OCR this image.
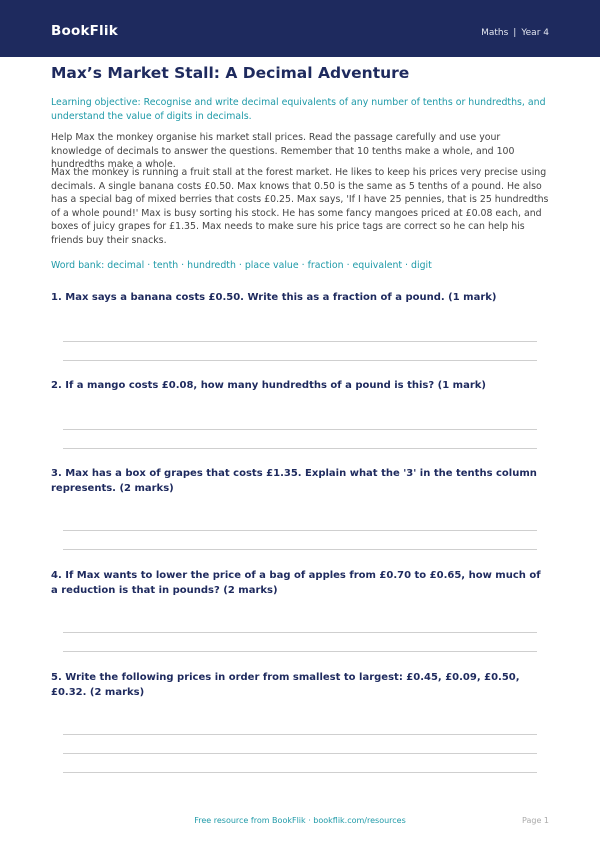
BookFlik	Maths | Year 4
Max’s Market Stall: A Decimal Adventure
Learning objective: Recognise and write decimal equivalents of any number of tenths or hundredths, and understand the value of digits in decimals.
Help Max the monkey organise his market stall prices. Read the passage carefully and use your knowledge of decimals to answer the questions. Remember that 10 tenths make a whole, and 100 hundredths make a whole.
Max the monkey is running a fruit stall at the forest market. He likes to keep his prices very precise using decimals. A single banana costs £0.50. Max knows that 0.50 is the same as 5 tenths of a pound. He also has a special bag of mixed berries that costs £0.25. Max says, 'If I have 25 pennies, that is 25 hundredths of a whole pound!' Max is busy sorting his stock. He has some fancy mangoes priced at £0.08 each, and boxes of juicy grapes for £1.35. Max needs to make sure his price tags are correct so he can help his friends buy their snacks.
Word bank: decimal · tenth · hundredth · place value · fraction · equivalent · digit
1. Max says a banana costs £0.50. Write this as a fraction of a pound. (1 mark)
2. If a mango costs £0.08, how many hundredths of a pound is this? (1 mark)
3. Max has a box of grapes that costs £1.35. Explain what the '3' in the tenths column represents. (2 marks)
4. If Max wants to lower the price of a bag of apples from £0.70 to £0.65, how much of a reduction is that in pounds? (2 marks)
5. Write the following prices in order from smallest to largest: £0.45, £0.09, £0.50, £0.32. (2 marks)
Free resource from BookFlik · bookflik.com/resources	Page 1
